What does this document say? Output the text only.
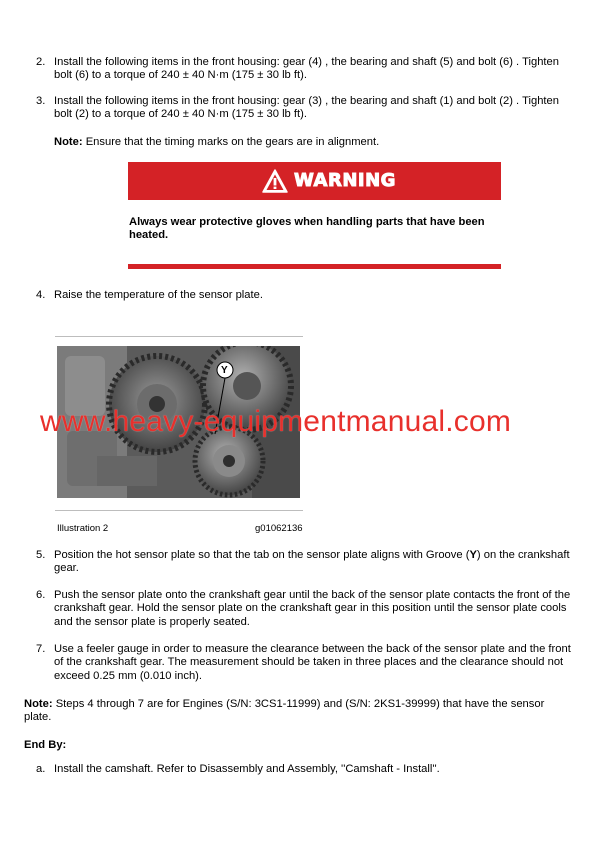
2. Install the following items in the front housing: gear (4) , the bearing and shaft (5) and bolt (6) . Tighten bolt (6) to a torque of 240 ± 40 N·m (175 ± 30 lb ft).
3. Install the following items in the front housing: gear (3) , the bearing and shaft (1) and bolt (2) . Tighten bolt (2) to a torque of 240 ± 40 N·m (175 ± 30 lb ft).
Note: Ensure that the timing marks on the gears are in alignment.
WARNING
Always wear protective gloves when handling parts that have been heated.
4. Raise the temperature of the sensor plate.
Y
Illustration 2	g01062136
www.heavy-equipmentmanual.com
5. Position the hot sensor plate so that the tab on the sensor plate aligns with Groove (Y) on the crankshaft gear.
6. Push the sensor plate onto the crankshaft gear until the back of the sensor plate contacts the front of the crankshaft gear. Hold the sensor plate on the crankshaft gear in this position until the sensor plate cools and the sensor plate is properly seated.
7. Use a feeler gauge in order to measure the clearance between the back of the sensor plate and the front of the crankshaft gear. The measurement should be taken in three places and the clearance should not exceed 0.25 mm (0.010 inch).
Note: Steps 4 through 7 are for Engines (S/N: 3CS1-11999) and (S/N: 2KS1-39999) that have the sensor plate.
End By:
a. Install the camshaft. Refer to Disassembly and Assembly, ''Camshaft - Install''.
